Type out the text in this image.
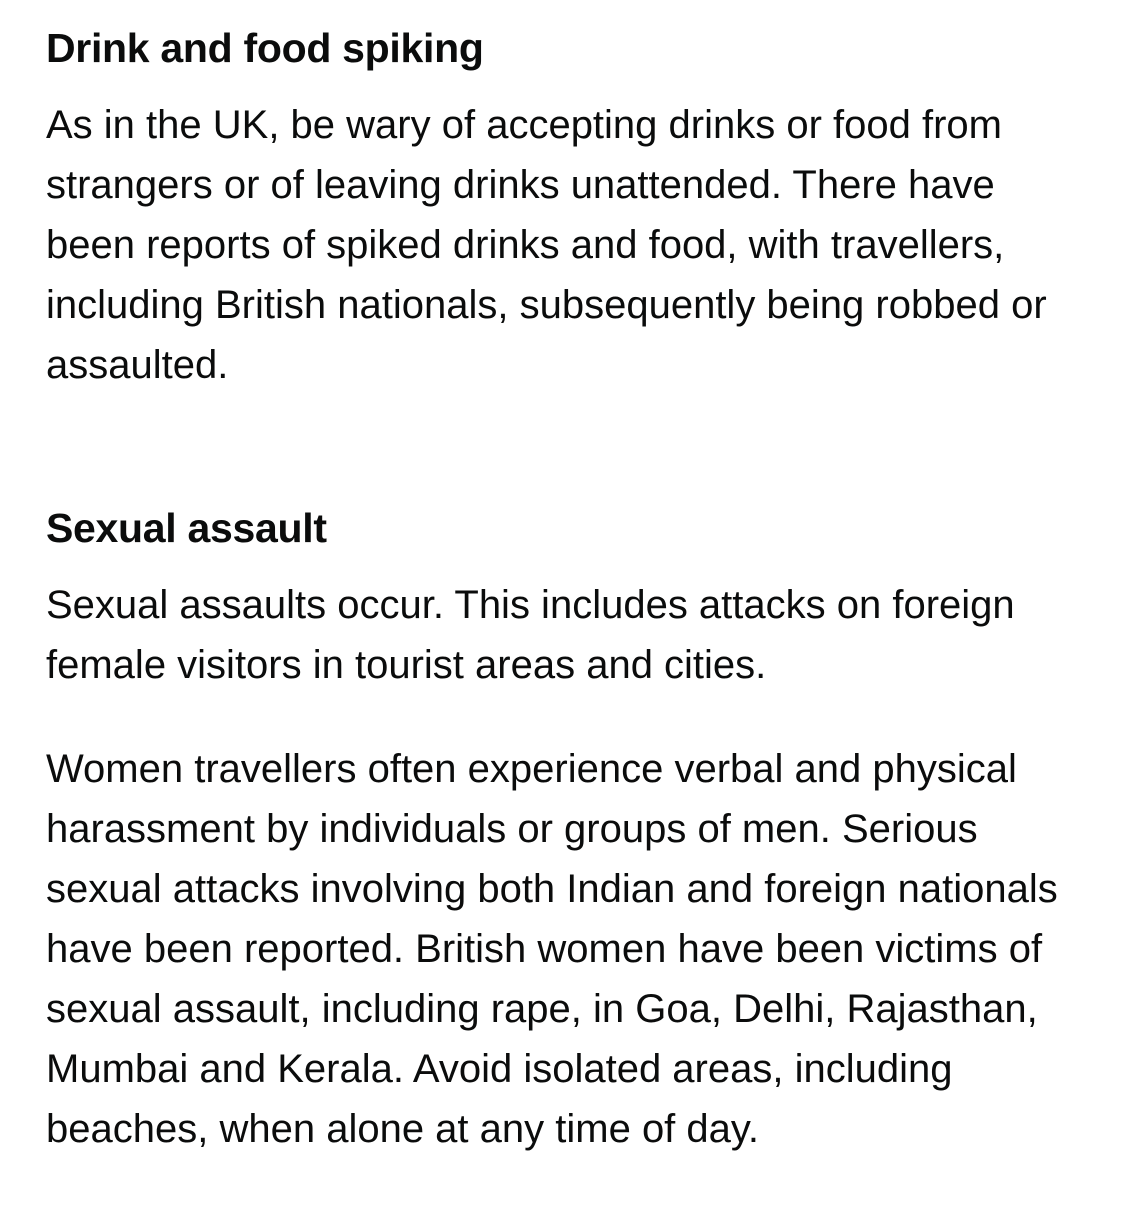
Drink and food spiking

As in the UK, be wary of accepting drinks or food from strangers or of leaving drinks unattended. There have been reports of spiked drinks and food, with travellers, including British nationals, subsequently being robbed or assaulted.

Sexual assault

Sexual assaults occur. This includes attacks on foreign female visitors in tourist areas and cities.

Women travellers often experience verbal and physical harassment by individuals or groups of men. Serious sexual attacks involving both Indian and foreign nationals have been reported. British women have been victims of sexual assault, including rape, in Goa, Delhi, Rajasthan, Mumbai and Kerala. Avoid isolated areas, including beaches, when alone at any time of day.
